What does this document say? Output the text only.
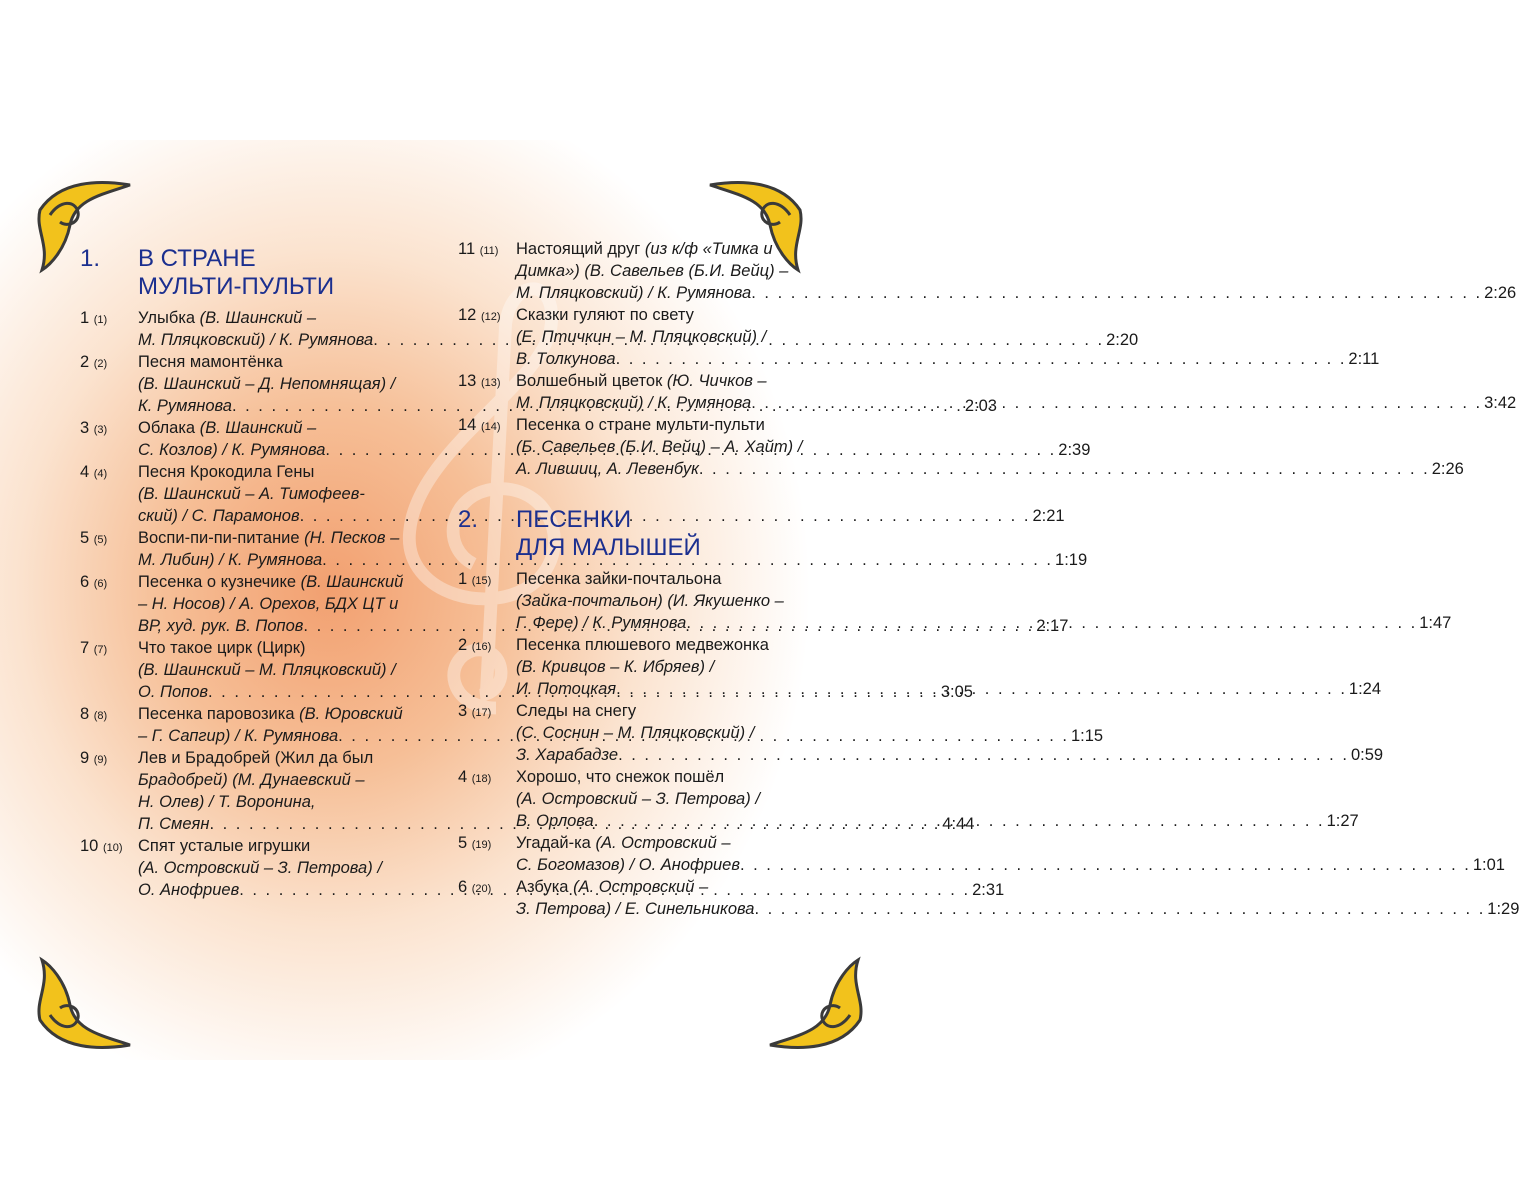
1.	В СТРАНЕ
МУЛЬТИ-ПУЛЬТИ
1 (1)	Улыбка (В. Шаинский –
М. Пляцковский) / К. Румянова . . .	2:20
2 (2)	Песня мамонтёнка
(В. Шаинский – Д. Непомнящая) /
К. Румянова . . .	2:03
3 (3)	Облака (В. Шаинский –
С. Козлов) / К. Румянова . . .	2:39
4 (4)	Песня Крокодила Гены
(В. Шаинский – А. Тимофеев-
ский) / С. Парамонов . . .	2:21
5 (5)	Воспи-пи-пи-питание (Н. Песков –
М. Либин) / К. Румянова . . .	1:19
6 (6)	Песенка о кузнечике (В. Шаинский
– Н. Носов) / А. Орехов, БДХ ЦТ и
ВР, худ. рук. В. Попов . . .	2:17
7 (7)	Что такое цирк (Цирк)
(В. Шаинский – М. Пляцковский) /
О. Попов . . .	3:05
8 (8)	Песенка паровозика (В. Юровский
– Г. Сапгир) / К. Румянова . . .	1:15
9 (9)	Лев и Брадобрей (Жил да был
Брадобрей) (М. Дунаевский –
Н. Олев) / Т. Воронина,
П. Смеян . . .	4:44
10 (10) Спят усталые игрушки
(А. Островский – З. Петрова) /
О. Анофриев . . .	2:31
11 (11)	Настоящий друг (из к/ф «Тимка и
Димка») (В. Савельев (Б.И. Вейц) –
М. Пляцковский) / К. Румянова . . .	2:26
12 (12) Сказки гуляют по свету
(Е. Птичкин – М. Пляцковский) /
В. Толкунова . . .	2:11
13 (13) Волшебный цветок (Ю. Чичков –
М. Пляцковский) / К. Румянова . . .	3:42
14 (14) Песенка о стране мульти-пульти
(Б. Савельев (Б.И. Вейц) – А. Хайт) /
А. Лившиц, А. Левенбук . . .	2:26
2.	ПЕСЕНКИ
ДЛЯ МАЛЫШЕЙ
1 (15)	Песенка зайки-почтальона
(Зайка-почтальон) (И. Якушенко –
Г. Фере) / К. Румянова . . .	1:47
2 (16)	Песенка плюшевого медвежонка
(В. Кривцов – К. Ибряев) /
И. Потоцкая . . .	1:24
3 (17)	Следы на снегу
(С. Соснин – М. Пляцковский) /
З. Харабадзе . . .	0:59
4 (18)	Хорошо, что снежок пошёл
(А. Островский – З. Петрова) /
В. Орлова . . .	1:27
5 (19)	Угадай-ка (А. Островский –
С. Богомазов) / О. Анофриев . . .	1:01
6 (20)	Азбука (А. Островский –
З. Петрова) / Е. Синельникова . . .	1:29
